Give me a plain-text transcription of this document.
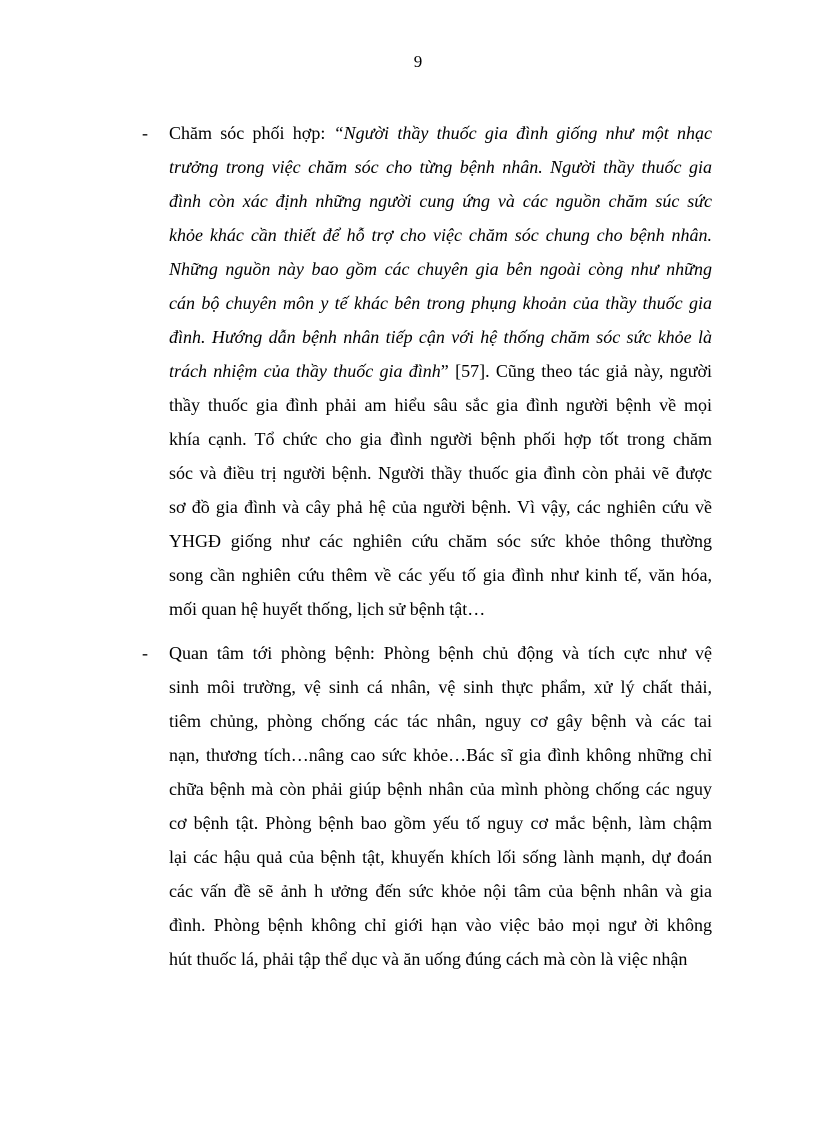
9
- Chăm sóc phối hợp: “Người thầy thuốc gia đình giống như một nhạc
trưởng trong việc chăm sóc cho từng bệnh nhân. Người thầy thuốc gia
đình còn xác định những người cung ứng và các nguồn chăm súc sức
khỏe khác cần thiết để hỗ trợ cho việc chăm sóc chung cho bệnh nhân.
Những nguồn này bao gồm các chuyên gia bên ngoài còng như những
cán bộ chuyên môn y tế khác bên trong phụng khoản của thầy thuốc gia
đình. Hướng dẫn bệnh nhân tiếp cận với hệ thống chăm sóc sức khỏe là
trách nhiệm của thầy thuốc gia đình” [57]. Cũng theo tác giả này, người
thầy thuốc gia đình phải am hiểu sâu sắc gia đình người bệnh về mọi
khía cạnh. Tổ chức cho gia đình người bệnh phối hợp tốt trong chăm
sóc và điều trị người bệnh. Người thầy thuốc gia đình còn phải vẽ được
sơ đồ gia đình và cây phả hệ của người bệnh. Vì vậy, các nghiên cứu về
YHGĐ giống như các nghiên cứu chăm sóc sức khỏe thông thường
song cần nghiên cứu thêm về các yếu tố gia đình như kinh tế, văn hóa,
mối quan hệ huyết thống, lịch sử bệnh tật…
- Quan tâm tới phòng bệnh: Phòng bệnh chủ động và tích cực như vệ
sinh môi trường, vệ sinh cá nhân, vệ sinh thực phẩm, xử lý chất thải,
tiêm chủng, phòng chống các tác nhân, nguy cơ gây bệnh và các tai
nạn, thương tích…nâng cao sức khỏe…Bác sĩ gia đình không những chỉ
chữa bệnh mà còn phải giúp bệnh nhân của mình phòng chống các nguy
cơ bệnh tật. Phòng bệnh bao gồm yếu tố nguy cơ mắc bệnh, làm chậm
lại các hậu quả của bệnh tật, khuyến khích lối sống lành mạnh, dự đoán
các vấn đề sẽ ảnh h ưởng đến sức khỏe nội tâm của bệnh nhân và gia
đình. Phòng bệnh không chỉ giới hạn vào việc bảo mọi ngư ời không
hút thuốc lá, phải tập thể dục và ăn uống đúng cách mà còn là việc nhận
